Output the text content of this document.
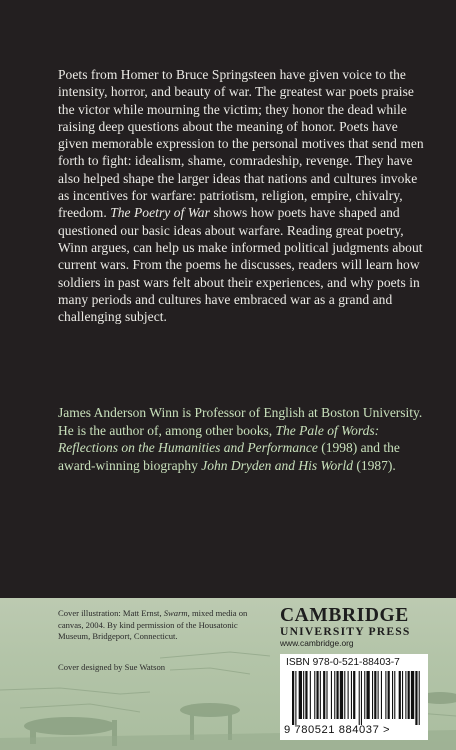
Poets from Homer to Bruce Springsteen have given voice to the intensity, horror, and beauty of war. The greatest war poets praise the victor while mourning the victim; they honor the dead while raising deep questions about the meaning of honor. Poets have given memorable expression to the personal motives that send men forth to fight: idealism, shame, comradeship, revenge. They have also helped shape the larger ideas that nations and cultures invoke as incentives for warfare: patriotism, religion, empire, chivalry, freedom. The Poetry of War shows how poets have shaped and questioned our basic ideas about warfare. Reading great poetry, Winn argues, can help us make informed political judgments about current wars. From the poems he discusses, readers will learn how soldiers in past wars felt about their experiences, and why poets in many periods and cultures have embraced war as a grand and challenging subject.

James Anderson Winn is Professor of English at Boston University. He is the author of, among other books, The Pale of Words: Reflections on the Humanities and Performance (1998) and the award-winning biography John Dryden and His World (1987).

Cover illustration: Matt Ernst, Swarm, mixed media on canvas, 2004. By kind permission of the Housatonic Museum, Bridgeport, Connecticut.
Cover designed by Sue Watson
CAMBRIDGE
UNIVERSITY PRESS
www.cambridge.org
ISBN 978-0-521-88403-7
9 780521 884037 >
